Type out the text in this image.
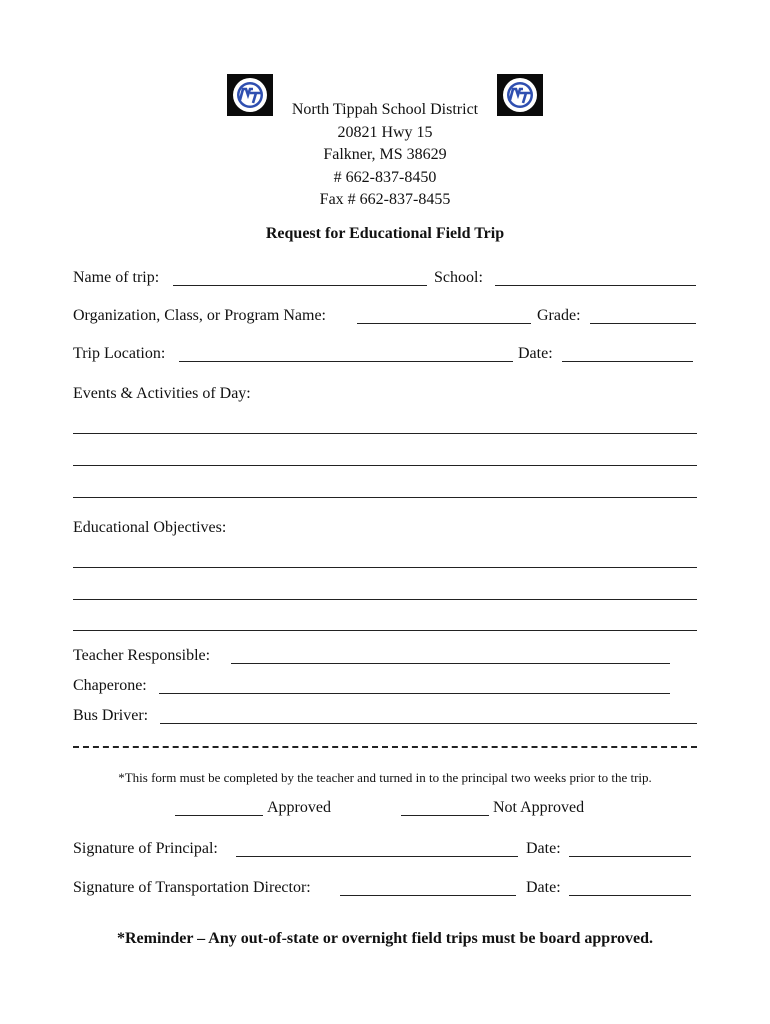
North Tippah School District
20821 Hwy 15
Falkner, MS 38629
# 662-837-8450
Fax # 662-837-8455
Request for Educational Field Trip
Name of trip:	School:
Organization, Class, or Program Name:	Grade:
Trip Location:	Date:
Events & Activities of Day:
Educational Objectives:
Teacher Responsible:
Chaperone:
Bus Driver:
*This form must be completed by the teacher and turned in to the principal two weeks prior to the trip.
Approved	Not Approved
Signature of Principal:	Date:
Signature of Transportation Director:	Date:
*Reminder – Any out-of-state or overnight field trips must be board approved.
